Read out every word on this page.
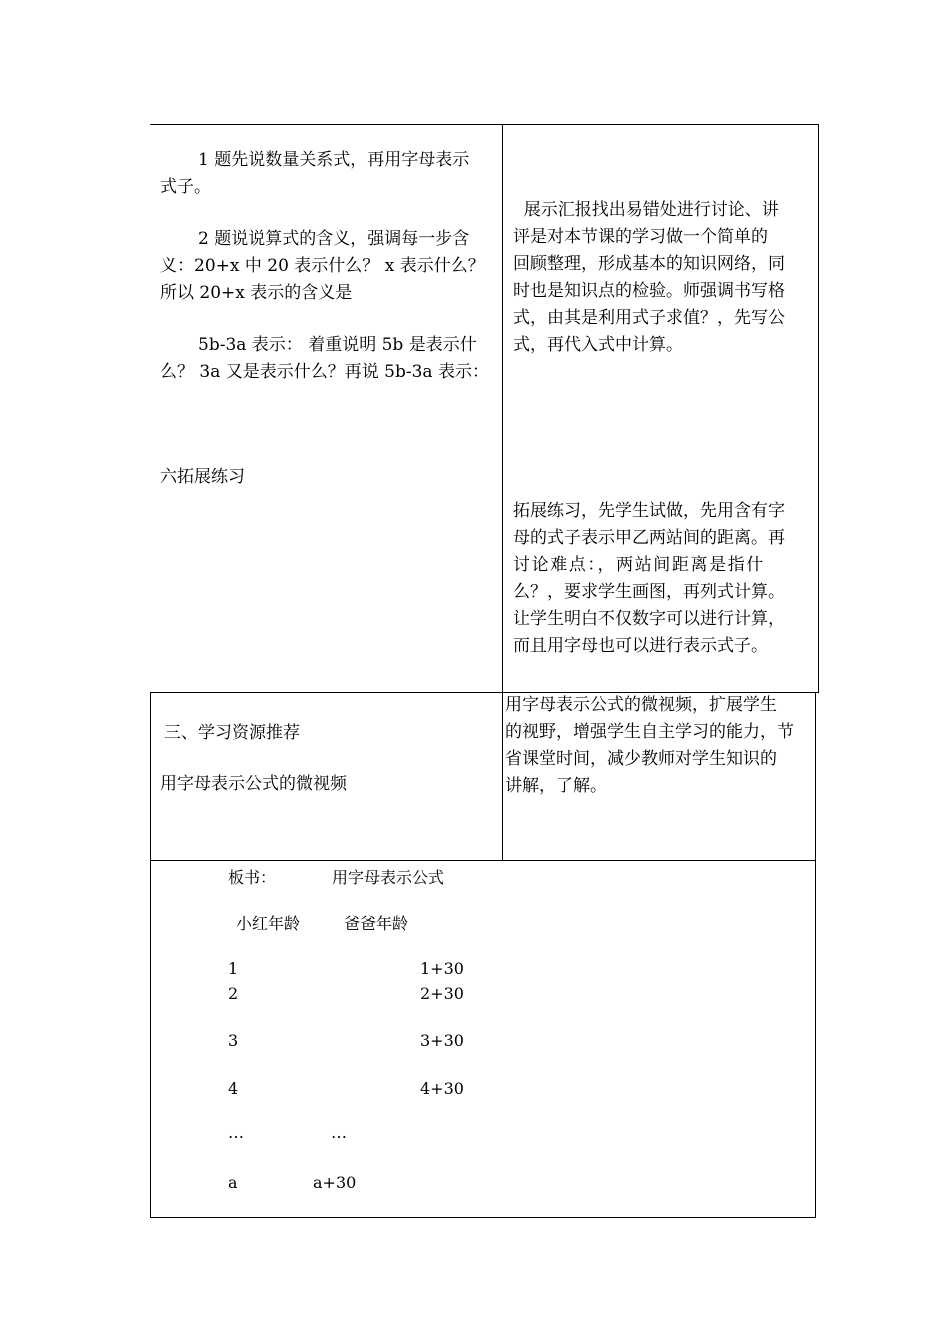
1 题先说数量关系式，再用字母表示
式子。
2 题说说算式的含义，强调每一步含
义：20+x 中 20 表示什么？ x 表示什么？
所以 20+x 表示的含义是
5b-3a 表示： 着重说明 5b 是表示什
么？ 3a 又是表示什么？再说 5b-3a 表示：
六拓展练习
展示汇报找出易错处进行讨论、讲
评是对本节课的学习做一个简单的
回顾整理，形成基本的知识网络，同
时也是知识点的检验。师强调书写格
式，由其是利用式子求值？，先写公
式，再代入式中计算。
拓展练习，先学生试做，先用含有字
母的式子表示甲乙两站间的距离。再
讨论难点：，两站间距离是指什
么？，要求学生画图，再列式计算。
让学生明白不仅数字可以进行计算，
而且用字母也可以进行表示式子。
三、学习资源推荐
用字母表示公式的微视频
用字母表示公式的微视频，扩展学生
的视野，增强学生自主学习的能力，节
省课堂时间，减少教师对学生知识的
讲解，了解。
板书：	用字母表示公式
小红年龄	爸爸年龄
1	1+30
2	2+30
3	3+30
4	4+30
…	…
a	a+30
